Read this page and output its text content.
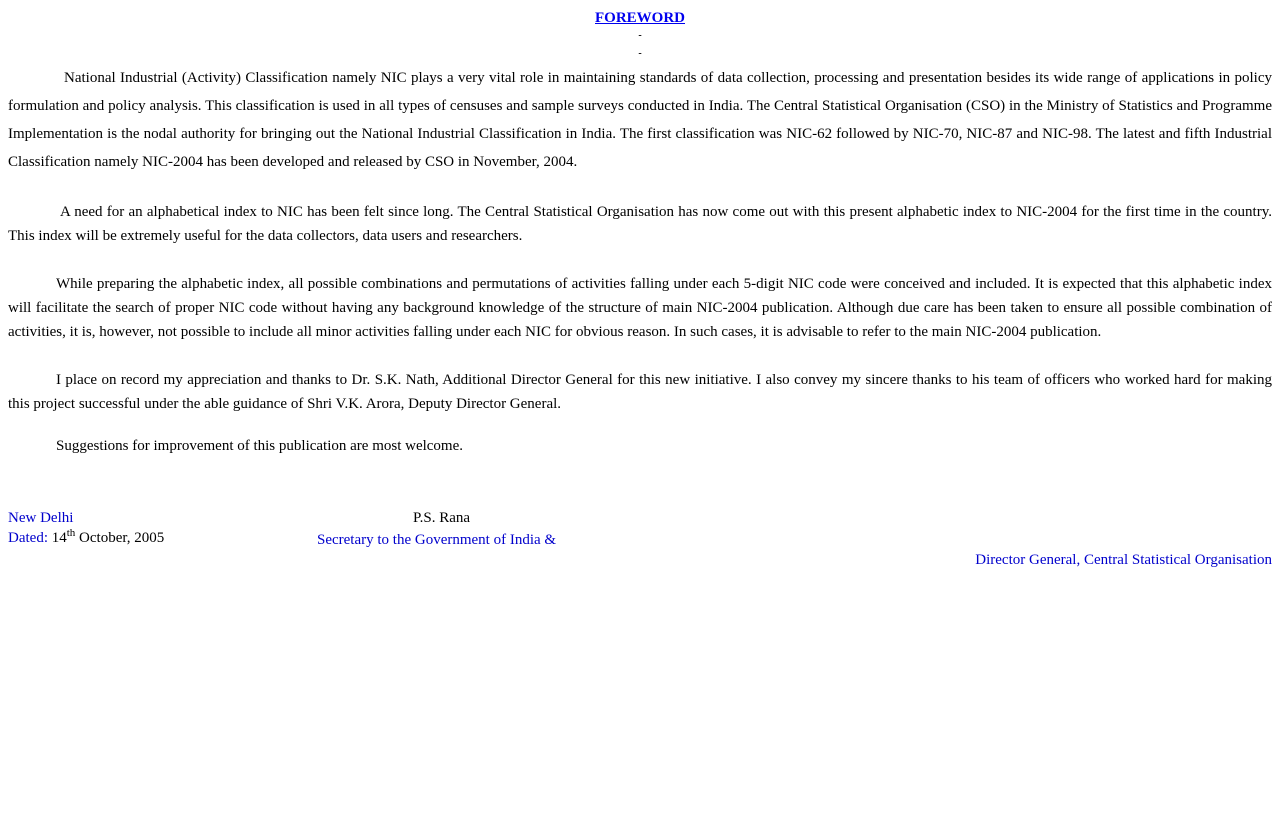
FOREWORD

-

-

National Industrial (Activity) Classification namely NIC plays a very vital role in maintaining standards of data collection, processing and presentation besides its wide range of applications in policy formulation and policy analysis. This classification is used in all types of censuses and sample surveys conducted in India. The Central Statistical Organisation (CSO) in the Ministry of Statistics and Programme Implementation is the nodal authority for bringing out the National Industrial Classification in India. The first classification was NIC-62 followed by NIC-70, NIC-87 and NIC-98. The latest and fifth Industrial Classification namely NIC-2004 has been developed and released by CSO in November, 2004.

A need for an alphabetical index to NIC has been felt since long. The Central Statistical Organisation has now come out with this present alphabetic index to NIC-2004 for the first time in the country. This index will be extremely useful for the data collectors, data users and researchers.

While preparing the alphabetic index, all possible combinations and permutations of activities falling under each 5-digit NIC code were conceived and included. It is expected that this alphabetic index will facilitate the search of proper NIC code without having any background knowledge of the structure of main NIC-2004 publication. Although due care has been taken to ensure all possible combination of activities, it is, however, not possible to include all minor activities falling under each NIC for obvious reason. In such cases, it is advisable to refer to the main NIC-2004 publication.

I place on record my appreciation and thanks to Dr. S.K. Nath, Additional Director General for this new initiative. I also convey my sincere thanks to his team of officers who worked hard for making this project successful under the able guidance of Shri V.K. Arora, Deputy Director General.

Suggestions for improvement of this publication are most welcome.

New Delhi	P.S. Rana
Dated: 14th October, 2005	Secretary to the Government of India &
Director General, Central Statistical Organisation
